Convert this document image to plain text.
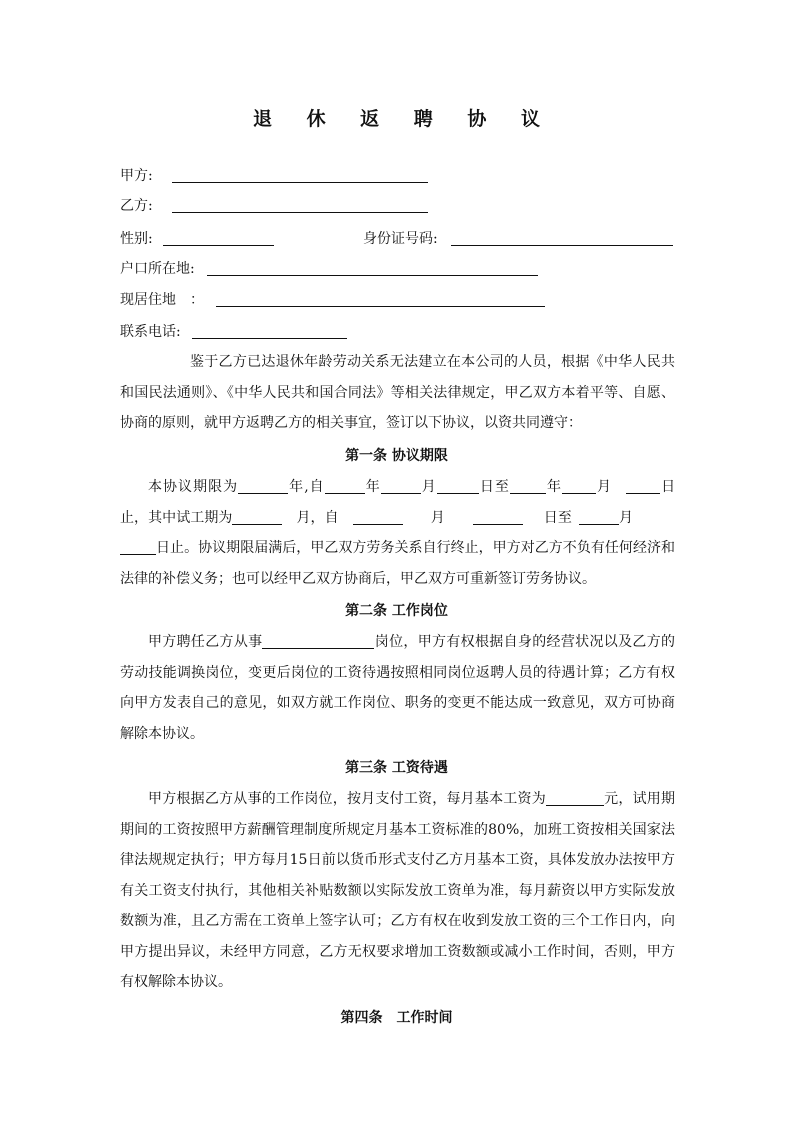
退 休 返 聘 协 议
甲方:
乙方:
性别:	身份证号码:
户口所在地:
现居住地　：
联系电话:
鉴于乙方已达退休年龄劳动关系无法建立在本公司的人员，根据《中华人民共和国民法通则》、《中华人民共和国合同法》等相关法律规定，甲乙双方本着平等、自愿、协商的原则，就甲方返聘乙方的相关事宜，签订以下协议，以资共同遵守：
第一条 协议期限
本协议期限为	年,自	年	月	日至	年 月 	日止，其中试工期为 	月，自   	月    	日至 	月   日止。协议期限届满后，甲乙双方劳务关系自行终止，甲方对乙方不负有任何经济和法律的补偿义务；也可以经甲乙双方协商后，甲乙双方可重新签订劳务协议。
第二条 工作岗位
甲方聘任乙方从事	岗位，甲方有权根据自身的经营状况以及乙方的劳动技能调换岗位，变更后岗位的工资待遇按照相同岗位返聘人员的待遇计算；乙方有权向甲方发表自己的意见，如双方就工作岗位、职务的变更不能达成一致意见，双方可协商解除本协议。
第三条 工资待遇
甲方根据乙方从事的工作岗位，按月支付工资，每月基本工资为	元，试用期期间的工资按照甲方薪酬管理制度所规定月基本工资标准的80%，加班工资按相关国家法律法规规定执行；甲方每月15日前以货币形式支付乙方月基本工资，具体发放办法按甲方有关工资支付执行，其他相关补贴数额以实际发放工资单为准，每月薪资以甲方实际发放数额为准，且乙方需在工资单上签字认可；乙方有权在收到发放工资的三个工作日内，向甲方提出异议，未经甲方同意，乙方无权要求增加工资数额或减小工作时间，否则，甲方有权解除本协议。
第四条　工作时间
